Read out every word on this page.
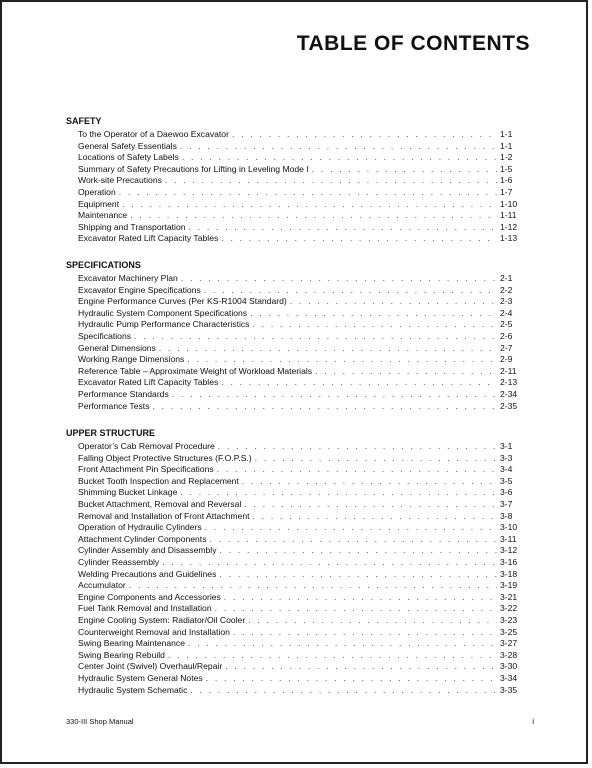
TABLE OF CONTENTS
SAFETY
To the Operator of a Daewoo Excavator . . .	1-1
General Safety Essentials . . .	1-1
Locations of Safety Labels . . .	1-2
Summary of Safety Precautions for Lifting in Leveling Mode I . . .	1-5
Work-site Precautions . . .	1-6
Operation . . .	1-7
Equipment . . .	1-10
Maintenance . . .	1-11
Shipping and Transportation . . .	1-12
Excavator Rated Lift Capacity Tables . . .	1-13
SPECIFICATIONS
Excavator Machinery Plan . . .	2-1
Excavator Engine Specifications . . .	2-2
Engine Performance Curves (Per KS-R1004 Standard) . . .	2-3
Hydraulic System Component Specifications . . .	2-4
Hydraulic Pump Performance Characteristics . . .	2-5
Specifications . . .	2-6
General Dimensions . . .	2-7
Working Range Dimensions . . .	2-9
Reference Table – Approximate Weight of Workload Materials . . .	2-11
Excavator Rated Lift Capacity Tables . . .	2-13
Performance Standards . . .	2-34
Performance Tests . . .	2-35
UPPER STRUCTURE
Operator’s Cab Removal Procedure . . .	3-1
Falling Object Protective Structures (F.O.P.S.) . . .	3-3
Front Attachment Pin Specifications . . .	3-4
Bucket Tooth Inspection and Replacement . . .	3-5
Shimming Bucket Linkage . . .	3-6
Bucket Attachment, Removal and Reversal . . .	3-7
Removal and Installation of Front Attachment . . .	3-8
Operation of Hydraulic Cylinders . . .	3-10
Attachment Cylinder Components . . .	3-11
Cylinder Assembly and Disassembly . . .	3-12
Cylinder Reassembly . . .	3-16
Welding Precautions and Guidelines . . .	3-18
Accumulator . . .	3-19
Engine Components and Accessories . . .	3-21
Fuel Tank Removal and Installation . . .	3-22
Engine Cooling System: Radiator/Oil Cooler . . .	3-23
Counterweight Removal and Installation . . .	3-25
Swing Bearing Maintenance . . .	3-27
Swing Bearing Rebuild . . .	3-28
Center Joint (Swivel) Overhaul/Repair . . .	3-30
Hydraulic System General Notes . . .	3-34
Hydraulic System Schematic . . .	3-35
330-III Shop Manual	i
